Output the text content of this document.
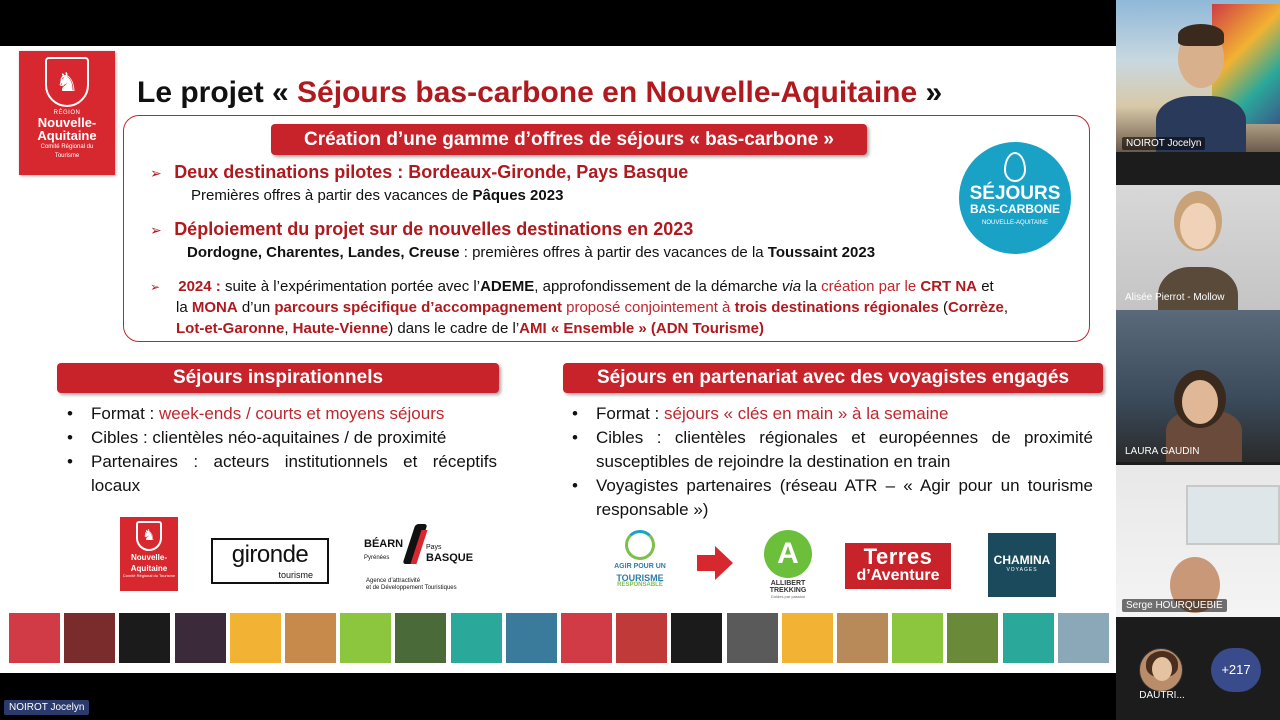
♞
RÉGION
Nouvelle-
Aquitaine
Comité Régional du
Tourisme
Le projet « Séjours bas-carbone en Nouvelle-Aquitaine »
Création d’une gamme d’offres de séjours « bas-carbone »
➢ Deux destinations pilotes : Bordeaux-Gironde, Pays Basque
Premières offres à partir des vacances de Pâques 2023
➢ Déploiement du projet sur de nouvelles destinations en 2023
Dordogne, Charentes, Landes, Creuse : premières offres à partir des vacances de la Toussaint 2023
➢ 2024 : suite à l’expérimentation portée avec l’ADEME, approfondissement de la démarche via la création par le CRT NA et
la MONA d’un parcours spécifique d’accompagnement proposé conjointement à trois destinations régionales (Corrèze,
Lot-et-Garonne, Haute-Vienne) dans le cadre de l’AMI « Ensemble » (ADN Tourisme)
SÉJOURS
BAS-CARBONE
NOUVELLE-AQUITAINE
Séjours inspirationnels
• Format : week-ends / courts et moyens séjours
• Cibles : clientèles néo-aquitaines / de proximité
• Partenaires : acteurs institutionnels et réceptifs locaux
Séjours en partenariat avec des voyagistes engagés
• Format : séjours « clés en main » à la semaine
• Cibles : clientèles régionales et européennes de proximité susceptibles de rejoindre la destination en train
• Voyagistes partenaires (réseau ATR – « Agir pour un tourisme responsable »)
♞
Nouvelle-
Aquitaine
Comité Régional du Tourisme
gironde
tourisme
BÉARN
Pyrénées
Pays
BASQUE
Agence d’attractivité
et de Développement Touristiques
AGIR POUR UN
TOURISME
RESPONSABLE
A
ALLIBERT TREKKING
Guides par passion
Terres
d’Aventure
CHAMINA
VOYAGES
NOIROT Jocelyn
Alisée Pierrot - Mollow
LAURA GAUDIN
Serge HOURQUEBIE
DAUTRI...
+217
NOIROT Jocelyn
